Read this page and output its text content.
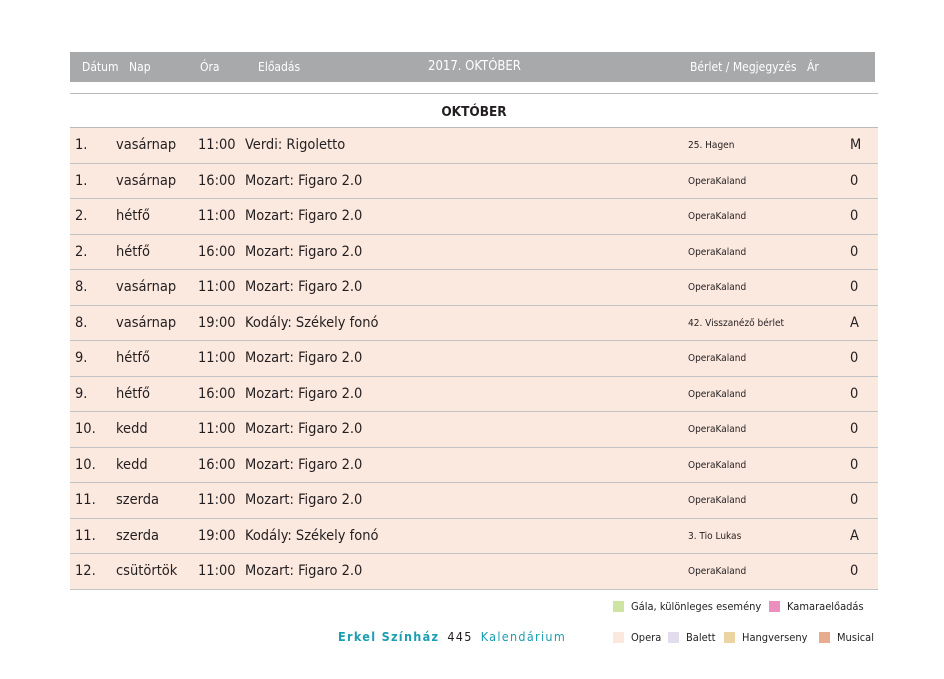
Dátum Nap	Óra	Előadás	2017. OKTÓBER	Bérlet / Megjegyzés Ár
OKTÓBER
1. vasárnap 11:00 Verdi: Rigoletto	25. Hagen	M
1. vasárnap 16:00 Mozart: Figaro 2.0	OperaKaland	0
2. hétfő	11:00 Mozart: Figaro 2.0	OperaKaland	0
2. hétfő	16:00 Mozart: Figaro 2.0	OperaKaland	0
8. vasárnap 11:00 Mozart: Figaro 2.0	OperaKaland	0
8. vasárnap 19:00 Kodály: Székely fonó	42. Visszanéző bérlet	A
9. hétfő	11:00 Mozart: Figaro 2.0	OperaKaland	0
9. hétfő	16:00 Mozart: Figaro 2.0	OperaKaland	0
10. kedd	11:00 Mozart: Figaro 2.0	OperaKaland	0
10. kedd	16:00 Mozart: Figaro 2.0	OperaKaland	0
11. szerda	11:00 Mozart: Figaro 2.0	OperaKaland	0
11. szerda	19:00 Kodály: Székely fonó	3. Tio Lukas	A
12. csütörtök 11:00 Mozart: Figaro 2.0	OperaKaland	0
Gála, különleges esemény Kamaraelőadás
Opera Balett Hangverseny	Musical
Erkel Színház 445 Kalendárium
